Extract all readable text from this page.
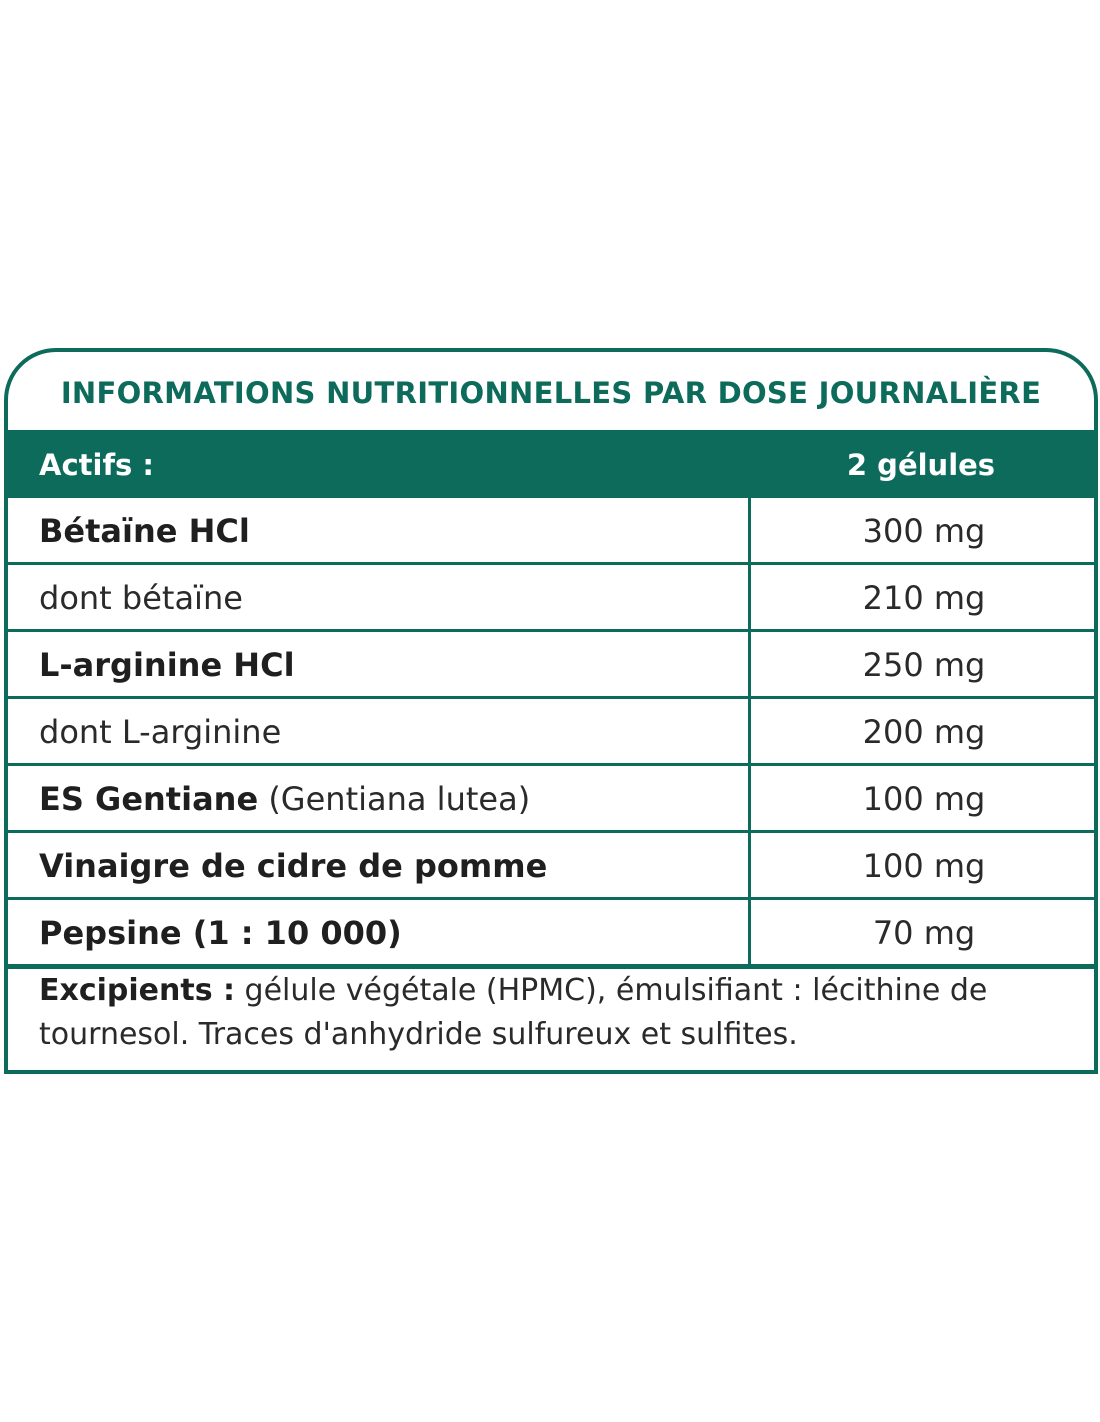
INFORMATIONS NUTRITIONNELLES PAR DOSE JOURNALIÈRE
Actifs :	2 gélules
Bétaïne HCl	300 mg
dont bétaïne	210 mg
L-arginine HCl	250 mg
dont L-arginine	200 mg
ES Gentiane (Gentiana lutea)	100 mg
Vinaigre de cidre de pomme	100 mg
Pepsine (1 : 10 000)	70 mg
Excipients : gélule végétale (HPMC), émulsifiant : lécithine de tournesol. Traces d'anhydride sulfureux et sulfites.
